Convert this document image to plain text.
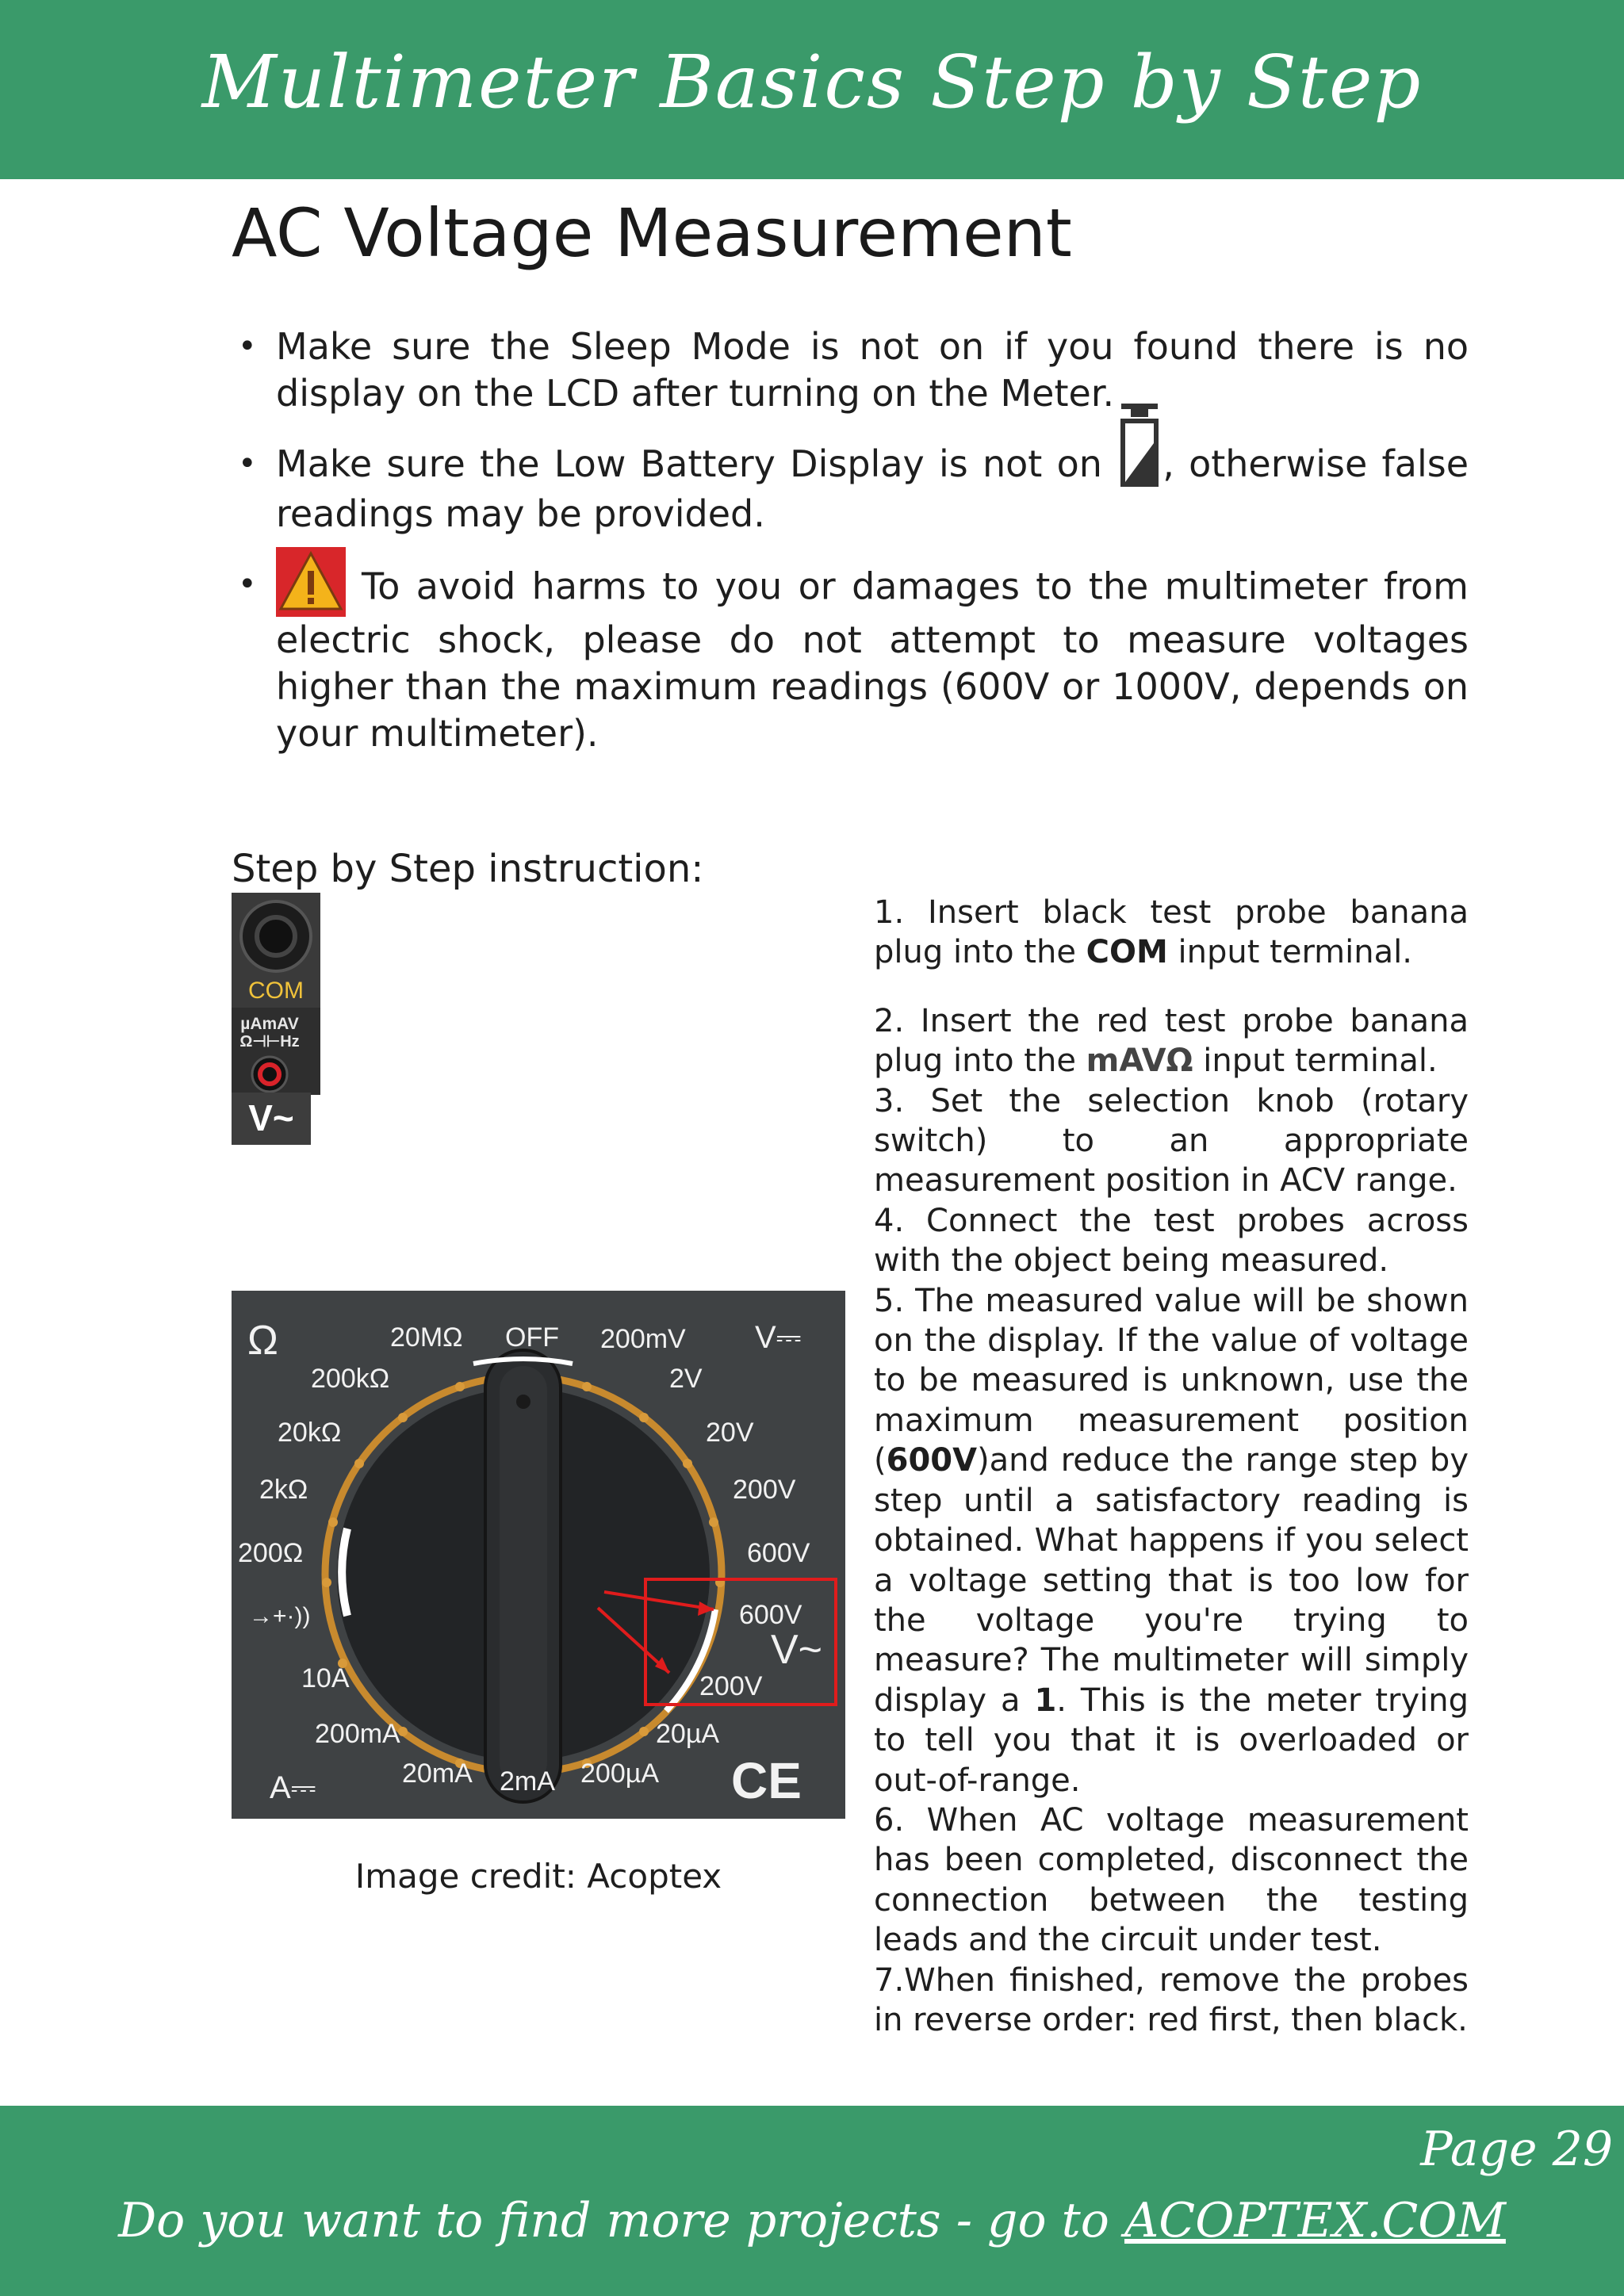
Multimeter Basics Step by Step
AC Voltage Measurement
• Make sure the Sleep Mode is not on if you found there is no display on the LCD after turning on the Meter.
• Make sure the Low Battery Display is not on , otherwise false readings may be provided.
•	To avoid harms to you or damages to the multimeter from electric shock, please do not attempt to measure voltages higher than the maximum readings (600V or 1000V, depends on your multimeter).
Step by Step instruction:
COM
µAmAV
Ω⊣⊢Hz
V~

1. Insert black test probe banana plug into the COM input terminal.

2. Insert the red test probe banana plug into the mAVΩ input terminal.

3. Set the selection knob (rotary switch) to an appropriate measurement position in ACV range.

4. Connect the test probes across with the object being measured.

5. The measured value will be shown on the display. If the value of voltage to be measured is unknown, use the maximum measurement position (600V)and reduce the range step by step until a satisfactory reading is obtained. What happens if you select a voltage setting that is too low for the voltage you're trying to measure? The multimeter will simply display a 1. This is the meter trying to tell you that it is overloaded or out-of-range.

6. When AC voltage measurement has been completed, disconnect the connection between the testing leads and the circuit under test.

7.When finished, remove the probes in reverse order: red first, then black.

Ω	20MΩ OFF 200mV V⎓
200kΩ	2V
20kΩ	20V
2kΩ	200V
200Ω	600V
→+·))	600V
10A
V~
200V
200mA	20µA
20mA 2mA 200µA
A⎓	CE
Image credit: Acoptex
Page 29
Do you want to find more projects - go to ACOPTEX.COM
